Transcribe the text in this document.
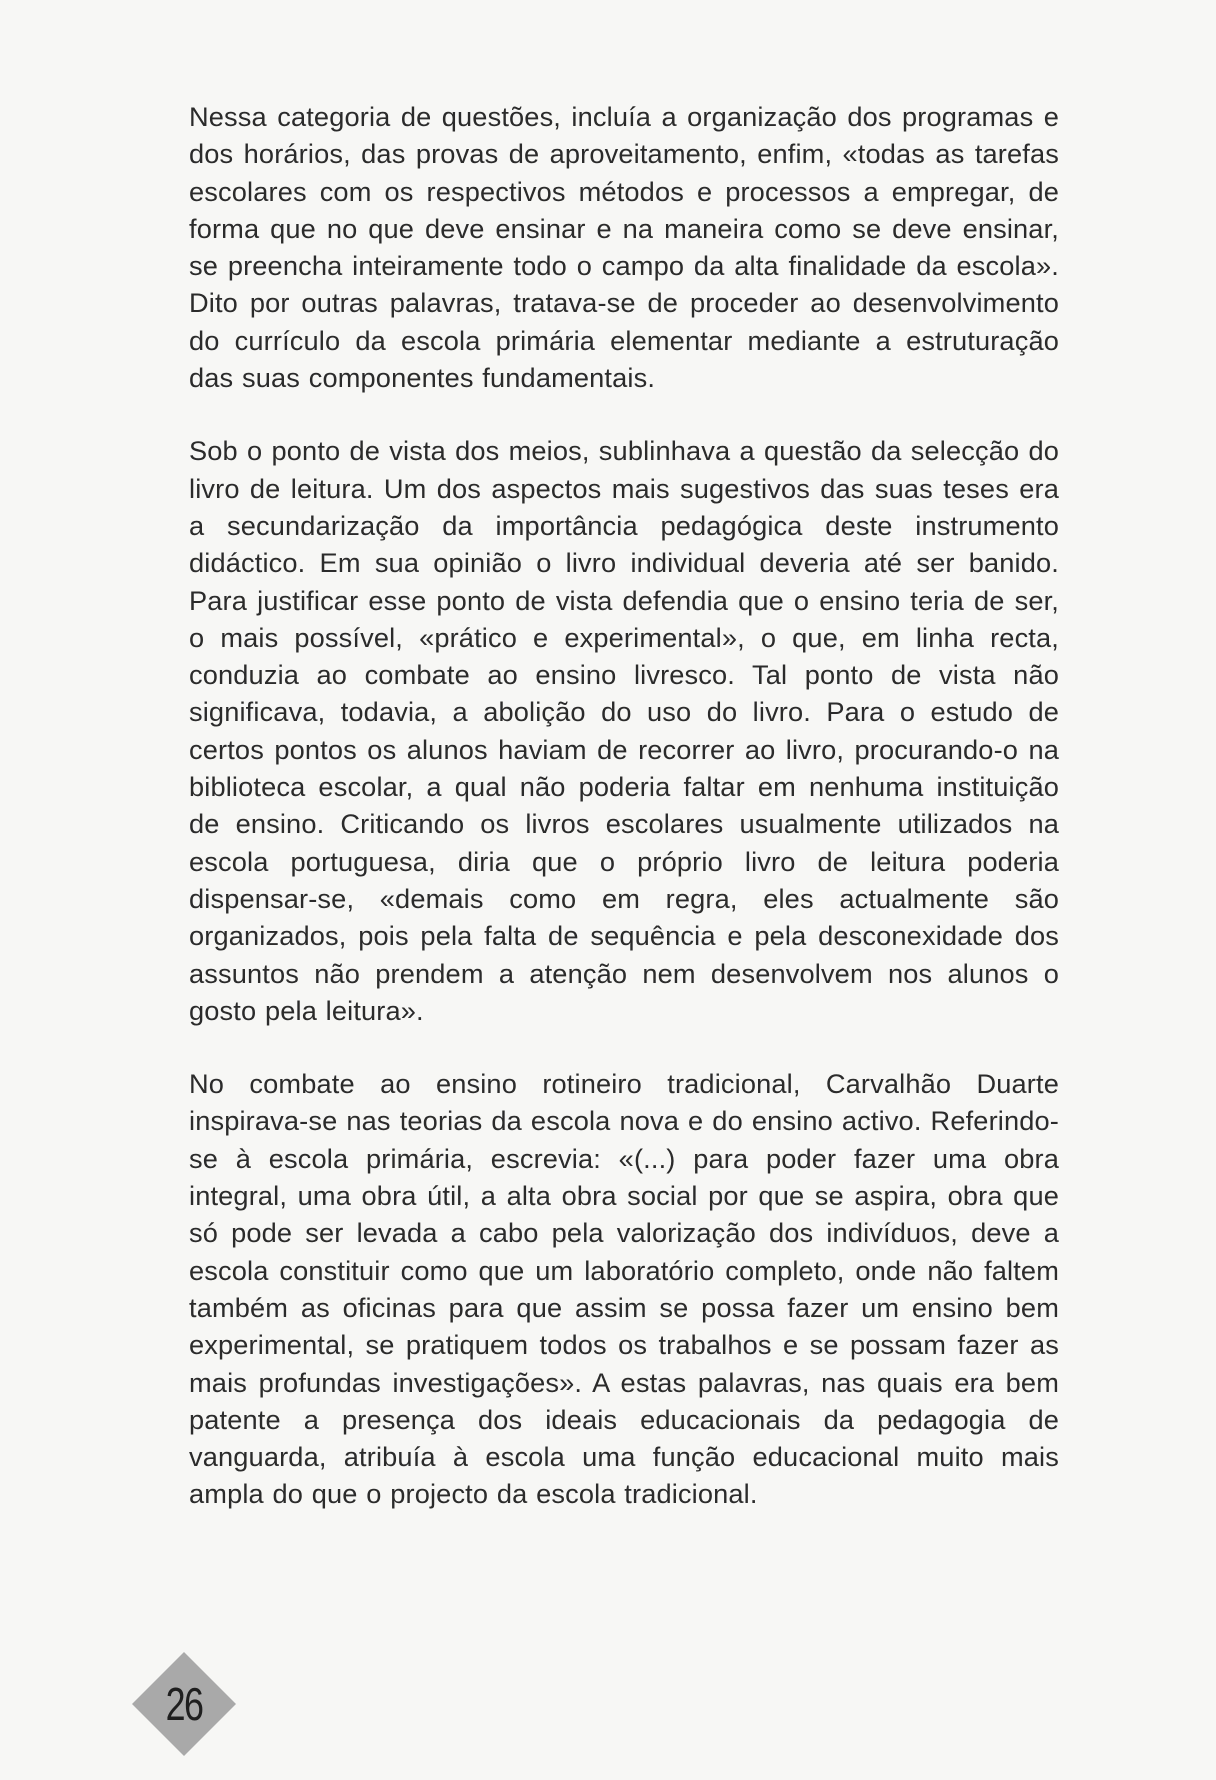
Nessa categoria de questões, incluía a organização dos programas e dos horários, das provas de aproveitamento, enfim, «todas as tarefas escolares com os respectivos métodos e processos a empregar, de forma que no que deve ensinar e na maneira como se deve ensinar, se preencha inteiramente todo o campo da alta finalidade da escola». Dito por outras palavras, tratava-se de proceder ao desenvolvimento do currículo da escola primária elementar mediante a estruturação das suas componentes fundamentais.

Sob o ponto de vista dos meios, sublinhava a questão da selecção do livro de leitura. Um dos aspectos mais sugestivos das suas teses era a secundarização da importância pedagógica deste instrumento didáctico. Em sua opinião o livro individual deveria até ser banido. Para justificar esse ponto de vista defendia que o ensino teria de ser, o mais possível, «prático e experimental», o que, em linha recta, conduzia ao combate ao ensino livresco. Tal ponto de vista não significava, todavia, a abolição do uso do livro. Para o estudo de certos pontos os alunos haviam de recorrer ao livro, procurando-o na biblioteca escolar, a qual não poderia faltar em nenhuma instituição de ensino. Criticando os livros escolares usualmente utilizados na escola portuguesa, diria que o próprio livro de leitura poderia dispensar-se, «demais como em regra, eles actualmente são organizados, pois pela falta de sequência e pela desconexidade dos assuntos não prendem a atenção nem desenvolvem nos alunos o gosto pela leitura».

No combate ao ensino rotineiro tradicional, Carvalhão Duarte inspirava-se nas teorias da escola nova e do ensino activo. Referindo-se à escola primária, escrevia: «(...) para poder fazer uma obra integral, uma obra útil, a alta obra social por que se aspira, obra que só pode ser levada a cabo pela valorização dos indivíduos, deve a escola constituir como que um laboratório completo, onde não faltem também as oficinas para que assim se possa fazer um ensino bem experimental, se pratiquem todos os trabalhos e se possam fazer as mais profundas investigações». A estas palavras, nas quais era bem patente a presença dos ideais educacionais da pedagogia de vanguarda, atribuía à escola uma função educacional muito mais ampla do que o projecto da escola tradicional.

26
